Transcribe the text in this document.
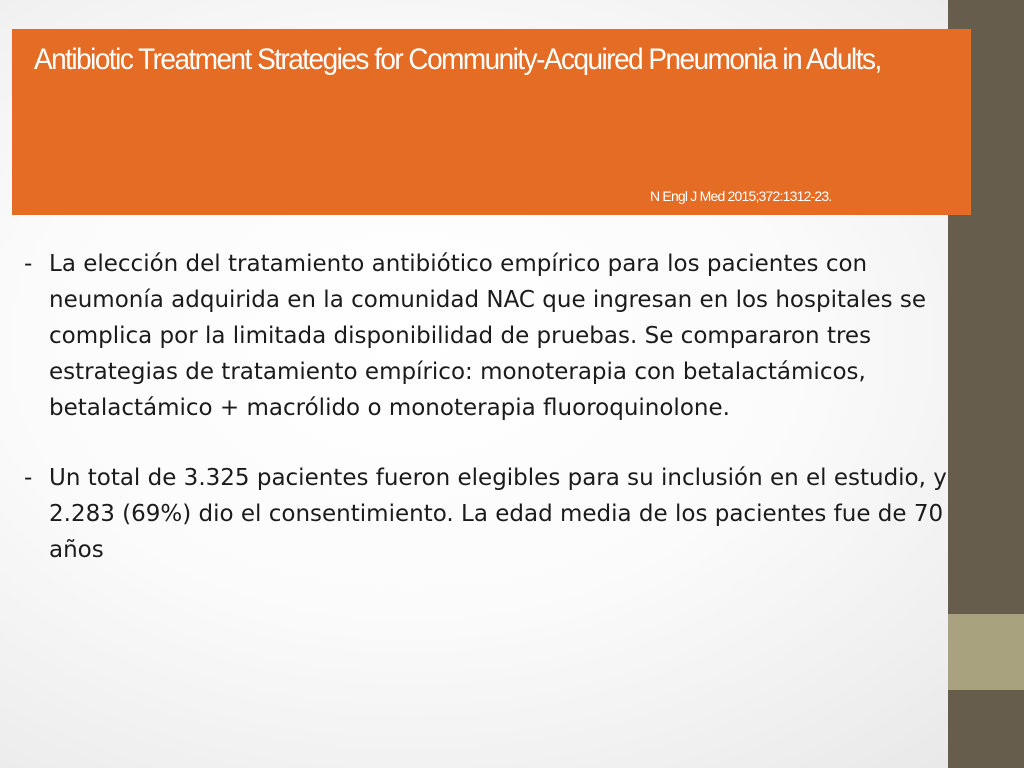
Antibiotic Treatment Strategies for Community-Acquired Pneumonia in Adults,
N Engl J Med 2015;372:1312-23.
- La elección del tratamiento antibiótico empírico para los pacientes con neumonía adquirida en la comunidad NAC que ingresan en los hospitales se complica por la limitada disponibilidad de pruebas. Se compararon tres estrategias de tratamiento empírico: monoterapia con betalactámicos, betalactámico + macrólido o monoterapia fluoroquinolone.
- Un total de 3.325 pacientes fueron elegibles para su inclusión en el estudio, y 2.283 (69%) dio el consentimiento. La edad media de los pacientes fue de 70 años
